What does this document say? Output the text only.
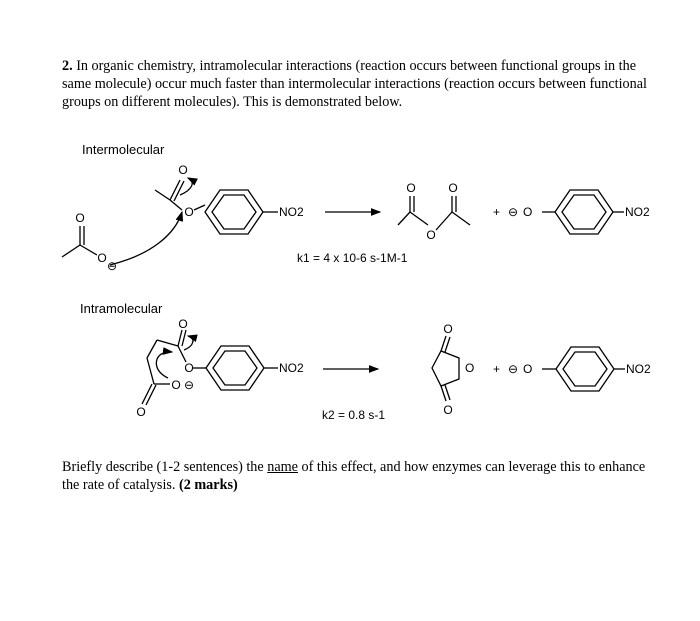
2. In organic chemistry, intramolecular interactions (reaction occurs between functional groups in the same molecule) occur much faster than intermolecular interactions (reaction occurs between functional groups on different molecules). This is demonstrated below.
Intermolecular
Intramolecular
O
O
⊖
O
O	NO2
O	O
O
+ ⊖ O	NO2
k1 = 4 x 10-6 s-1M-1
O
O ⊖
O
O	NO2
O
O
O
+ ⊖ O	NO2
k2 = 0.8 s-1
Briefly describe (1-2 sentences) the name of this effect, and how enzymes can leverage this to enhance the rate of catalysis. (2 marks)
